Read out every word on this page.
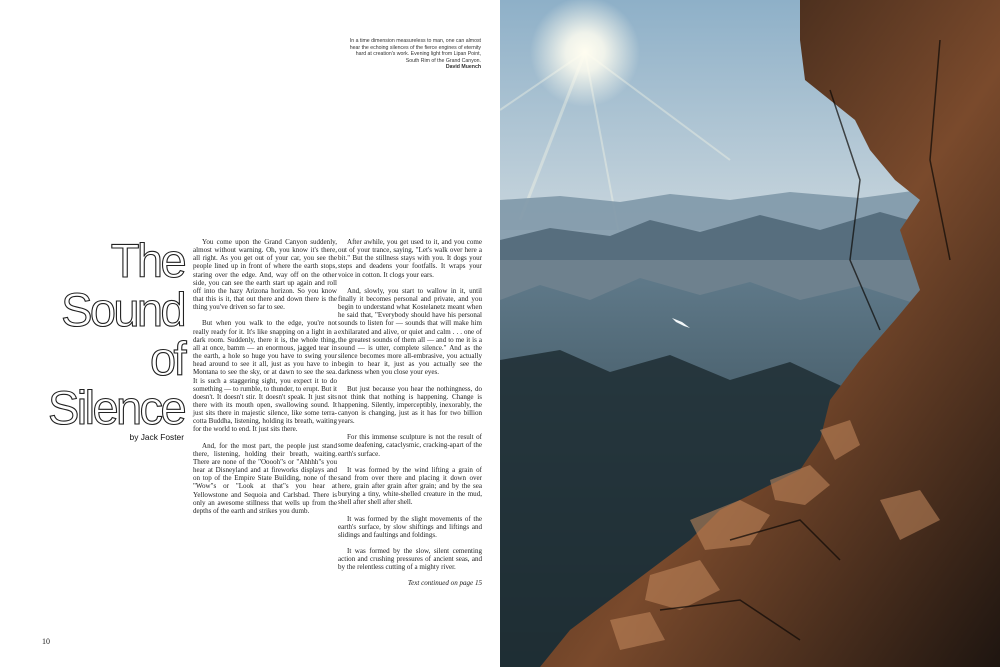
In a time dimension measureless to man, one can almost hear the echoing silences of the fierce engines of eternity hard at creation's work. Evening light from Lipan Point, South Rim of the Grand Canyon.
David Muench
The
Sound
of
Silence
by Jack Foster

You come upon the Grand Canyon suddenly, almost without warning. Oh, you know it's there, all right. As you get out of your car, you see the people lined up in front of where the earth stops, staring over the edge. And, way off on the other side, you can see the earth start up again and roll off into the hazy Arizona horizon. So you know that this is it, that out there and down there is the thing you've driven so far to see.

But when you walk to the edge, you're not really ready for it. It's like snapping on a light in a dark room. Suddenly, there it is, the whole thing, all at once, bamm — an enormous, jagged tear in the earth, a hole so huge you have to swing your head around to see it all, just as you have to in Montana to see the sky, or at dawn to see the sea. It is such a staggering sight, you expect it to do something — to rumble, to thunder, to erupt. But it doesn't. It doesn't stir. It doesn't speak. It just sits there with its mouth open, swallowing sound. It just sits there in majestic silence, like some terra-cotta Buddha, listening, holding its breath, waiting for the world to end. It just sits there.

And, for the most part, the people just stand there, listening, holding their breath, waiting. There are none of the "Ooooh"s or "Ahhhh"s you hear at Disneyland and at fireworks displays and on top of the Empire State Building, none of the "Wow"s or "Look at that"s you hear at Yellowstone and Sequoia and Carlsbad. There is only an awesome stillness that wells up from the depths of the earth and strikes you dumb.

After awhile, you get used to it, and you come out of your trance, saying, "Let's walk over here a bit." But the stillness stays with you. It dogs your steps and deadens your footfalls. It wraps your voice in cotton. It clogs your ears.

And, slowly, you start to wallow in it, until finally it becomes personal and private, and you begin to understand what Kostelanetz meant when he said that, "Everybody should have his personal sounds to listen for — sounds that will make him exhilarated and alive, or quiet and calm . . . one of the greatest sounds of them all — and to me it is a sound — is utter, complete silence." And as the silence becomes more all-embrasive, you actually begin to hear it, just as you actually see the darkness when you close your eyes.

But just because you hear the nothingness, do not think that nothing is happening. Change is happening. Silently, imperceptibly, inexorably, the canyon is changing, just as it has for two billion years.

For this immense sculpture is not the result of some deafening, cataclysmic, cracking-apart of the earth's surface.

It was formed by the wind lifting a grain of sand from over there and placing it down over here, grain after grain after grain; and by the sea burying a tiny, white-shelled creature in the mud, shell after shell after shell.

It was formed by the slight movements of the earth's surface, by slow shiftings and liftings and slidings and faultings and foldings.

It was formed by the slow, silent cementing action and crushing pressures of ancient seas, and by the relentless cutting of a mighty river.

Text continued on page 15

10
